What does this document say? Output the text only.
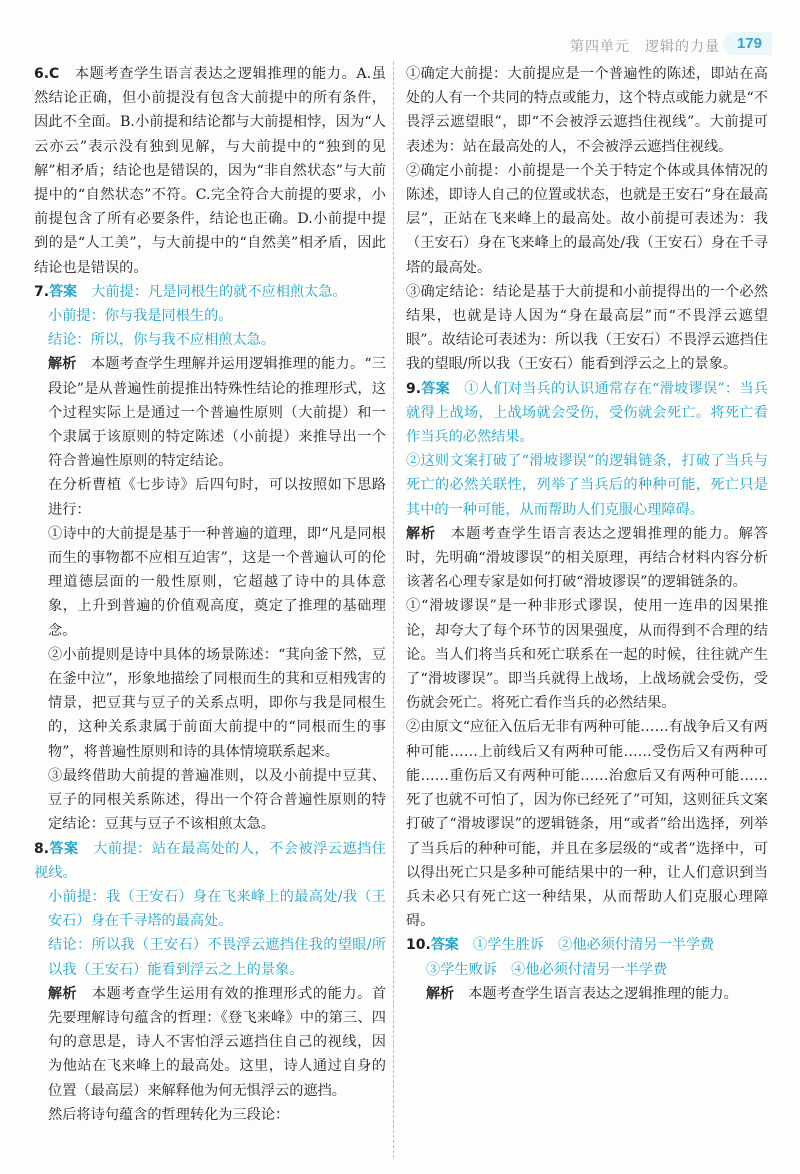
第四单元　逻辑的力量	179

6.C　本题考查学生语言表达之逻辑推理的能力。A.虽然结论正确，但小前提没有包含大前提中的所有条件，因此不全面。B.小前提和结论都与大前提相悖，因为“人云亦云”表示没有独到见解，与大前提中的“独到的见解”相矛盾；结论也是错误的，因为“非自然状态”与大前提中的“自然状态”不符。C.完全符合大前提的要求，小前提包含了所有必要条件，结论也正确。D.小前提中提到的是“人工美”，与大前提中的“自然美”相矛盾，因此结论也是错误的。

7.答案　大前提：凡是同根生的就不应相煎太急。

小前提：你与我是同根生的。

结论：所以，你与我不应相煎太急。

解析　本题考查学生理解并运用逻辑推理的能力。“三段论”是从普遍性前提推出特殊性结论的推理形式，这个过程实际上是通过一个普遍性原则（大前提）和一个隶属于该原则的特定陈述（小前提）来推导出一个符合普遍性原则的特定结论。

在分析曹植《七步诗》后四句时，可以按照如下思路进行：

①诗中的大前提是基于一种普遍的道理，即“凡是同根而生的事物都不应相互迫害”，这是一个普遍认可的伦理道德层面的一般性原则，它超越了诗中的具体意象，上升到普遍的价值观高度，奠定了推理的基础理念。

②小前提则是诗中具体的场景陈述：“萁向釜下然，豆在釜中泣”，形象地描绘了同根而生的萁和豆相残害的情景，把豆萁与豆子的关系点明，即你与我是同根生的，这种关系隶属于前面大前提中的“同根而生的事物”，将普遍性原则和诗的具体情境联系起来。

③最终借助大前提的普遍准则，以及小前提中豆萁、豆子的同根关系陈述，得出一个符合普遍性原则的特定结论：豆萁与豆子不该相煎太急。

8.答案　大前提：站在最高处的人，不会被浮云遮挡住视线。

小前提：我（王安石）身在飞来峰上的最高处/我（王安石）身在千寻塔的最高处。

结论：所以我（王安石）不畏浮云遮挡住我的望眼/所以我（王安石）能看到浮云之上的景象。

解析　本题考查学生运用有效的推理形式的能力。首先要理解诗句蕴含的哲理：《登飞来峰》中的第三、四句的意思是，诗人不害怕浮云遮挡住自己的视线，因为他站在飞来峰上的最高处。这里，诗人通过自身的位置（最高层）来解释他为何无惧浮云的遮挡。

然后将诗句蕴含的哲理转化为三段论：

①确定大前提：大前提应是一个普遍性的陈述，即站在高处的人有一个共同的特点或能力，这个特点或能力就是“不畏浮云遮望眼”，即“不会被浮云遮挡住视线”。大前提可表述为：站在最高处的人，不会被浮云遮挡住视线。

②确定小前提：小前提是一个关于特定个体或具体情况的陈述，即诗人自己的位置或状态，也就是王安石“身在最高层”，正站在飞来峰上的最高处。故小前提可表述为：我（王安石）身在飞来峰上的最高处/我（王安石）身在千寻塔的最高处。

③确定结论：结论是基于大前提和小前提得出的一个必然结果，也就是诗人因为“身在最高层”而“不畏浮云遮望眼”。故结论可表述为：所以我（王安石）不畏浮云遮挡住我的望眼/所以我（王安石）能看到浮云之上的景象。

9.答案　①人们对当兵的认识通常存在“滑坡谬误”：当兵就得上战场，上战场就会受伤，受伤就会死亡。将死亡看作当兵的必然结果。

②这则文案打破了“滑坡谬误”的逻辑链条，打破了当兵与死亡的必然关联性，列举了当兵后的种种可能，死亡只是其中的一种可能，从而帮助人们克服心理障碍。

解析　本题考查学生语言表达之逻辑推理的能力。解答时，先明确“滑坡谬误”的相关原理，再结合材料内容分析该著名心理专家是如何打破“滑坡谬误”的逻辑链条的。

①“滑坡谬误”是一种非形式谬误，使用一连串的因果推论，却夸大了每个环节的因果强度，从而得到不合理的结论。当人们将当兵和死亡联系在一起的时候，往往就产生了“滑坡谬误”。即当兵就得上战场，上战场就会受伤，受伤就会死亡。将死亡看作当兵的必然结果。

②由原文“应征入伍后无非有两种可能……有战争后又有两种可能……上前线后又有两种可能……受伤后又有两种可能……重伤后又有两种可能……治愈后又有两种可能……死了也就不可怕了，因为你已经死了”可知，这则征兵文案打破了“滑坡谬误”的逻辑链条，用“或者”给出选择，列举了当兵后的种种可能，并且在多层级的“或者”选择中，可以得出死亡只是多种可能结果中的一种，让人们意识到当兵未必只有死亡这一种结果，从而帮助人们克服心理障碍。

10.答案　①学生胜诉　②他必须付清另一半学费

③学生败诉　④他必须付清另一半学费

解析　本题考查学生语言表达之逻辑推理的能力。
